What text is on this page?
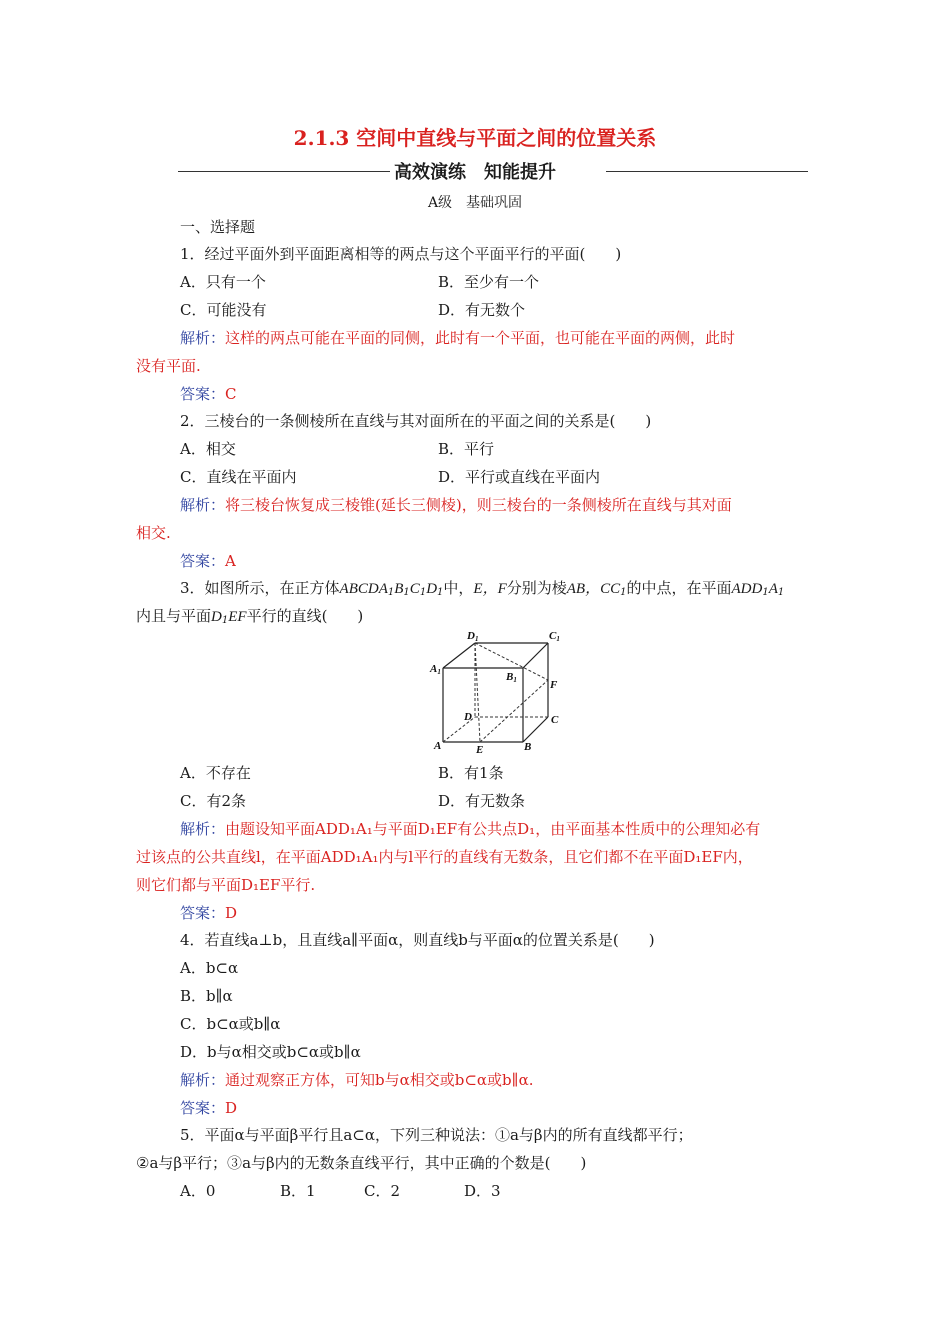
2.1.3 空间中直线与平面之间的位置关系
高效演练　知能提升
A级　基础巩固
一、选择题
1．经过平面外到平面距离相等的两点与这个平面平行的平面(　　)
A．只有一个	B．至少有一个
C．可能没有	D．有无数个
解析：这样的两点可能在平面的同侧，此时有一个平面，也可能在平面的两侧，此时
没有平面.
答案：C
2．三棱台的一条侧棱所在直线与其对面所在的平面之间的关系是(　　)
A．相交	B．平行
C．直线在平面内	D．平行或直线在平面内
解析：将三棱台恢复成三棱锥(延长三侧棱)，则三棱台的一条侧棱所在直线与其对面
相交.
答案：A
3．如图所示，在正方体$ABCDA_1B_1C_1D_1$中，E，F分别为棱AB，$CC_1$的中点，在平面$ADD_1A_1$
内且与平面$D_1EF$平行的直线(　　)
D1	C1
A1	B1	F
D	C
A	E	B
A．不存在	B．有1条
C．有2条	D．有无数条
解析：由题设知平面ADD₁A₁与平面D₁EF有公共点D₁，由平面基本性质中的公理知必有
过该点的公共直线l，在平面ADD₁A₁内与l平行的直线有无数条，且它们都不在平面D₁EF内，
则它们都与平面D₁EF平行.
答案：D
4．若直线a⊥b，且直线a∥平面α，则直线b与平面α的位置关系是(　　)
A．b⊂α
B．b∥α
C．b⊂α或b∥α
D．b与α相交或b⊂α或b∥α
解析：通过观察正方体，可知b与α相交或b⊂α或b∥α.
答案：D
5．平面α与平面β平行且a⊂α，下列三种说法：①a与β内的所有直线都平行；
②a与β平行；③a与β内的无数条直线平行，其中正确的个数是(　　)
A．0	B．1	C．2	D．3
